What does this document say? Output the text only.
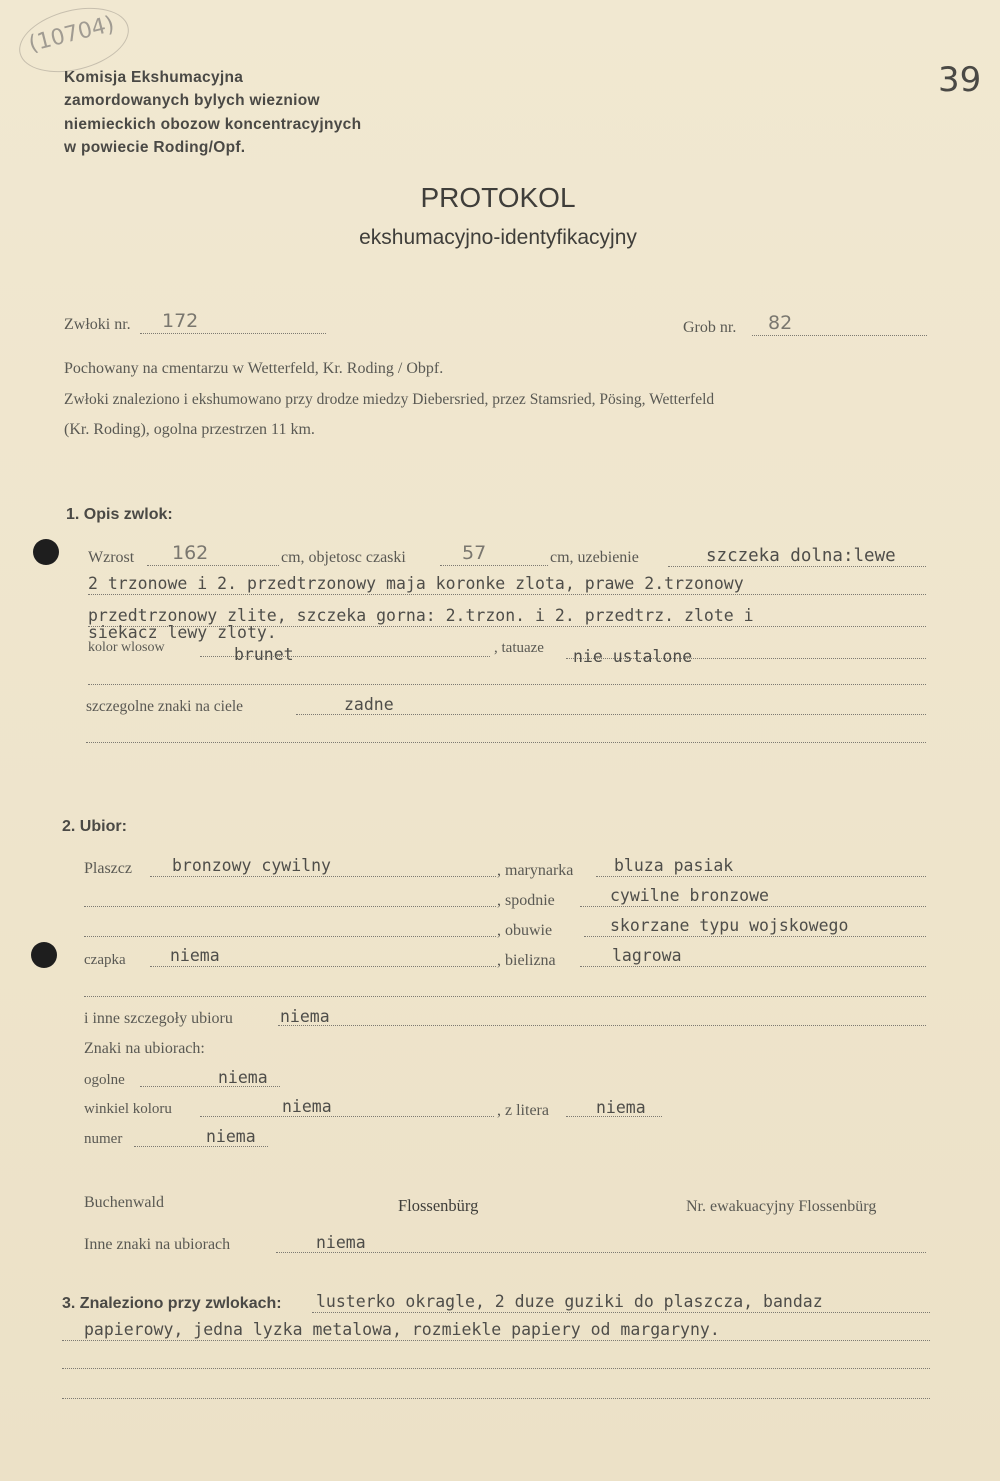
(10704)
39
Komisja Ekshumacyjna
zamordowanych bylych wiezniow
niemieckich obozow koncentracyjnych
w powiecie Roding/Opf.
PROTOKOL
ekshumacyjno-identyfikacyjny
Zwłoki nr. 172	Grob nr. 82
Pochowany na cmentarzu w Wetterfeld, Kr. Roding / Obpf.
Zwłoki znaleziono i ekshumowano przy drodze miedzy Diebersried, przez Stamsried, Pösing, Wetterfeld
(Kr. Roding), ogolna przestrzen 11 km.
1. Opis zwlok:
Wzrost 162	cm, objetosc czaski	57	cm, uzebienie	szczeka dolna:lewe
2 trzonowe i 2. przedtrzonowy maja koronke zlota, prawe 2.trzonowy
przedtrzonowy zlite, szczeka gorna: 2.trzon. i 2. przedtrz. zlote i
siekacz lewy zloty.
kolor wlosow	brunet	, tatuaze nie ustalone
szczegolne znaki na ciele	zadne
2. Ubior:
Plaszcz bronzowy cywilny	, marynarka bluza pasiak
, spodnie	cywilne bronzowe
, obuwie	skorzane typu wojskowego
czapka	niema	, bielizna	lagrowa
i inne szczegoły ubioru	niema
Znaki na ubiorach:
ogolne	niema
winkiel koloru	niema	, z litera	niema
numer	niema
Buchenwald	Flossenbürg	Nr. ewakuacyjny Flossenbürg
Inne znaki na ubiorach	niema
3. Znaleziono przy zwlokach: lusterko okragle, 2 duze guziki do plaszcza, bandaz
papierowy, jedna lyzka metalowa, rozmiekle papiery od margaryny.
